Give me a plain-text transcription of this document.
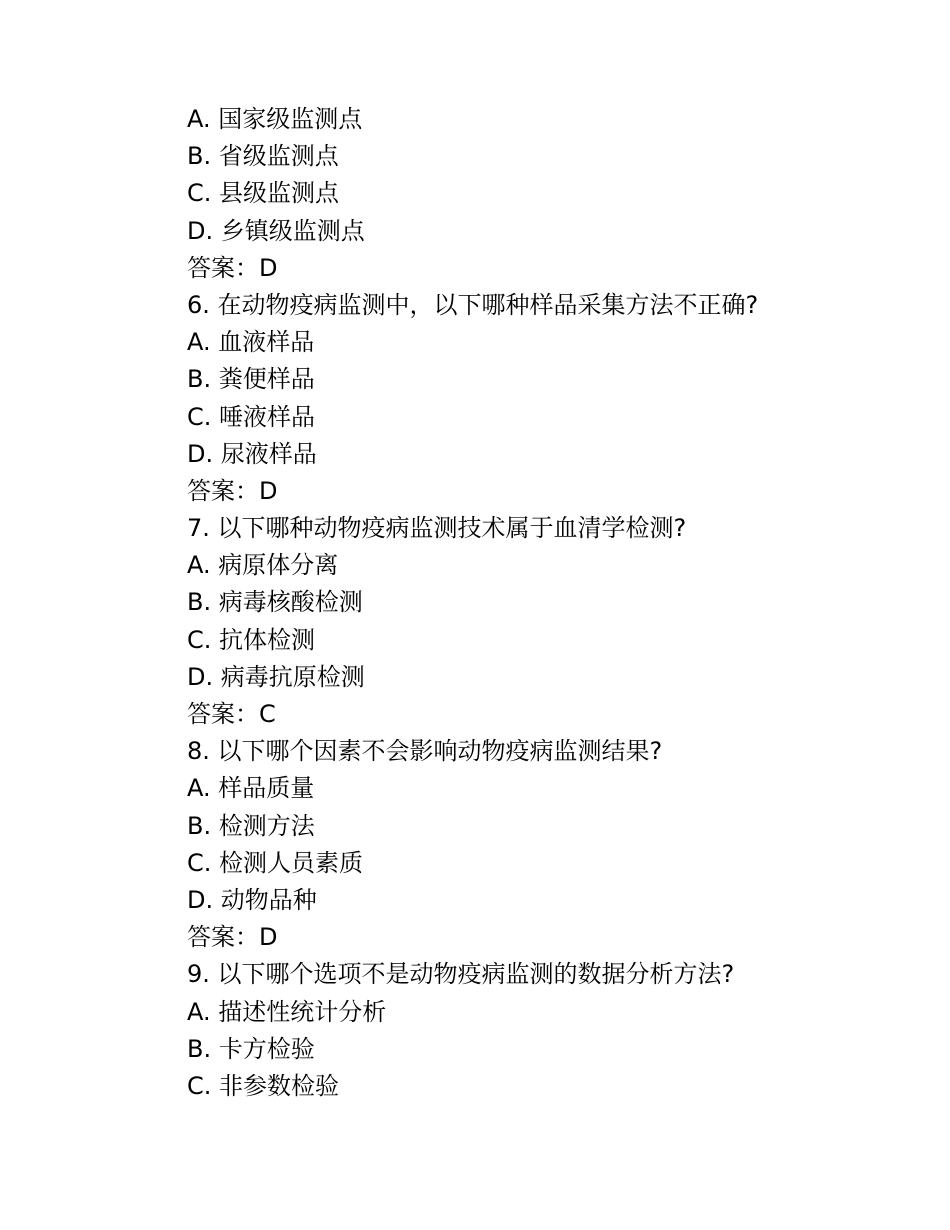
A. 国家级监测点
B. 省级监测点
C. 县级监测点
D. 乡镇级监测点
答案：D
6. 在动物疫病监测中，以下哪种样品采集方法不正确?
A. 血液样品
B. 粪便样品
C. 唾液样品
D. 尿液样品
答案：D
7. 以下哪种动物疫病监测技术属于血清学检测?
A. 病原体分离
B. 病毒核酸检测
C. 抗体检测
D. 病毒抗原检测
答案：C
8. 以下哪个因素不会影响动物疫病监测结果?
A. 样品质量
B. 检测方法
C. 检测人员素质
D. 动物品种
答案：D
9. 以下哪个选项不是动物疫病监测的数据分析方法?
A. 描述性统计分析
B. 卡方检验
C. 非参数检验
